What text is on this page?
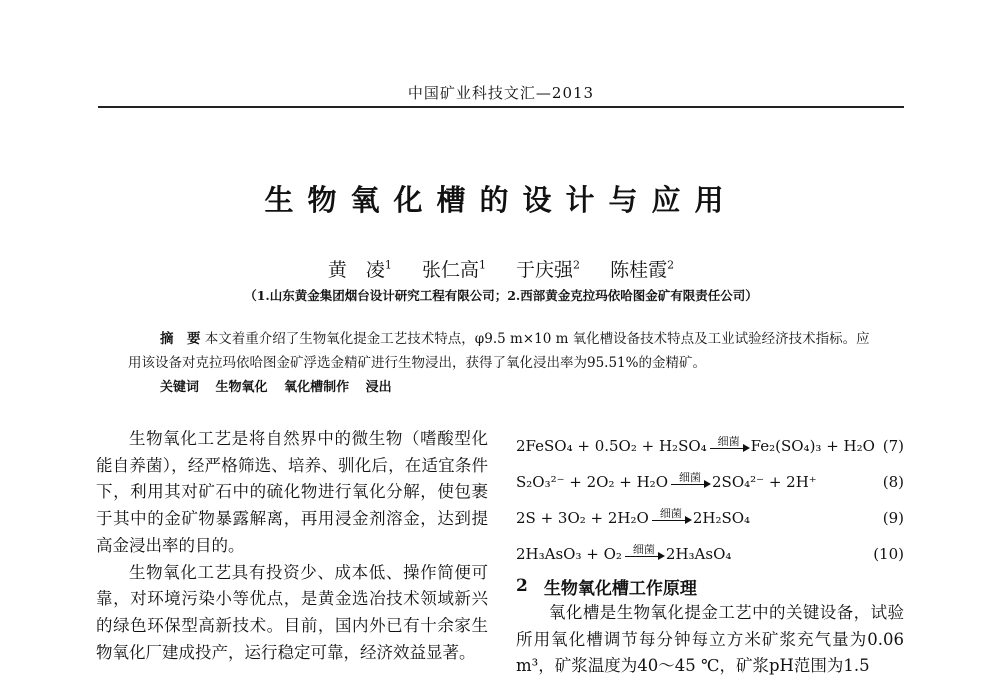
中国矿业科技文汇—2013
生物氧化槽的设计与应用
黄　凌$^1$ 张仁高$^1$ 于庆强$^2$ 陈桂霞$^2$
（1.山东黄金集团烟台设计研究工程有限公司；2.西部黄金克拉玛依哈图金矿有限责任公司）
摘　要 本文着重介绍了生物氧化提金工艺技术特点，φ9.5 m×10 m 氧化槽设备技术特点及工业试验经济技术指标。应用该设备对克拉玛依哈图金矿浮选金精矿进行生物浸出，获得了氧化浸出率为95.51%的金精矿。
关键词 生物氧化 氧化槽制作 浸出

生物氧化工艺是将自然界中的微生物（嗜酸型化能自养菌），经严格筛选、培养、驯化后，在适宜条件下，利用其对矿石中的硫化物进行氧化分解，使包裹于其中的金矿物暴露解离，再用浸金剂溶金，达到提高金浸出率的目的。

生物氧化工艺具有投资少、成本低、操作简便可靠，对环境污染小等优点，是黄金选冶技术领域新兴的绿色环保型高新技术。目前，国内外已有十余家生物氧化厂建成投产，运行稳定可靠，经济效益显著。

2FeSO₄ + 0.5O₂ + H₂SO₄ 细菌 Fe₂(SO₄)₃ + H₂O (7)
S₂O₃²⁻ + 2O₂ + H₂O 细菌 2SO₄²⁻ + 2H⁺	(8)
2S + 3O₂ + 2H₂O 细菌 2H₂SO₄	(9)
2H₃AsO₃ + O₂ 细菌 2H₃AsO₄	(10)
2 生物氧化槽工作原理

氧化槽是生物氧化提金工艺中的关键设备，试验所用氧化槽调节每分钟每立方米矿浆充气量为0.06 m³，矿浆温度为40～45 ℃，矿浆pH范围为1.5
